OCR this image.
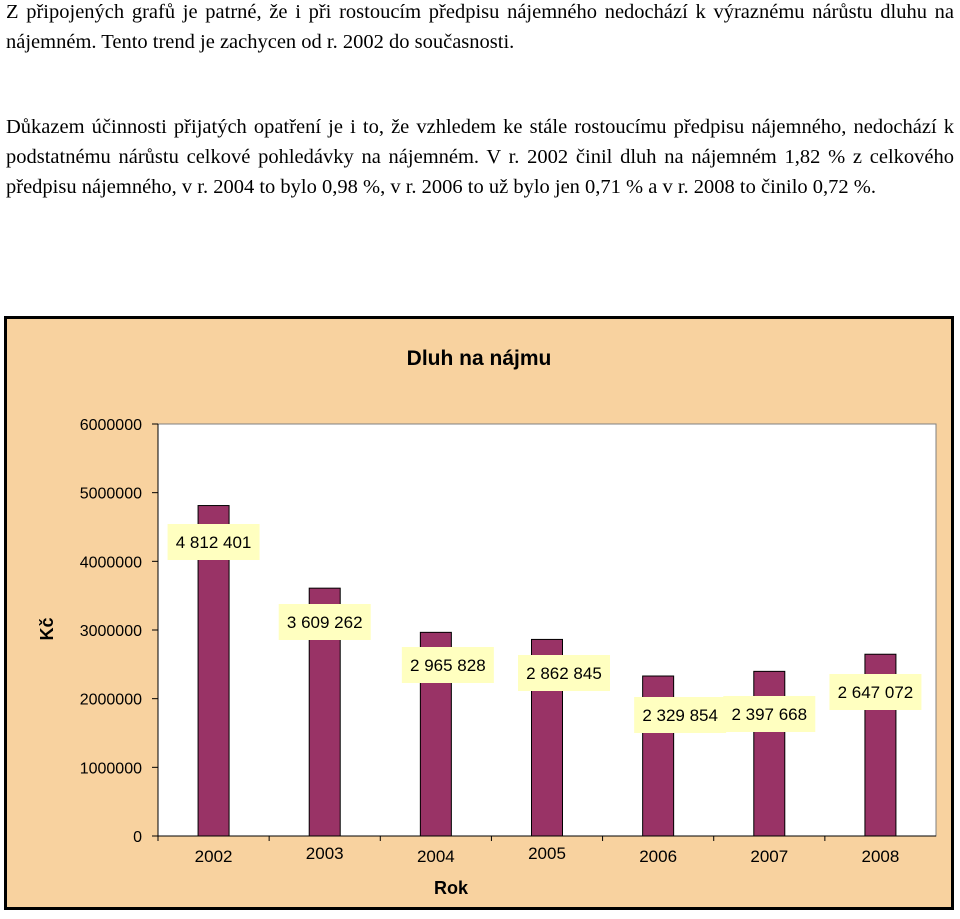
Z připojených grafů je patrné, že i při rostoucím předpisu nájemného nedochází k výraznému nárůstu dluhu na nájemném. Tento trend je zachycen od r. 2002 do současnosti.

Důkazem účinnosti přijatých opatření je i to, že vzhledem ke stále rostoucímu předpisu nájemného, nedochází k podstatnému nárůstu celkové pohledávky na nájemném. V r. 2002 činil dluh na nájemném 1,82 % z celkového předpisu nájemného, v r. 2004 to bylo 0,98 %, v r. 2006 to už bylo jen 0,71 % a v r. 2008 to činilo 0,72 %.

0
1000000
2000000
3000000
4000000
5000000
6000000
2002	2003	2004	2005	2006	2007	2008
4 812 401
3 609 262
2 965 828 2 862 845
2 329 854 2 397 668
2 647 072
Dluh na nájmu
Rok
Kč
